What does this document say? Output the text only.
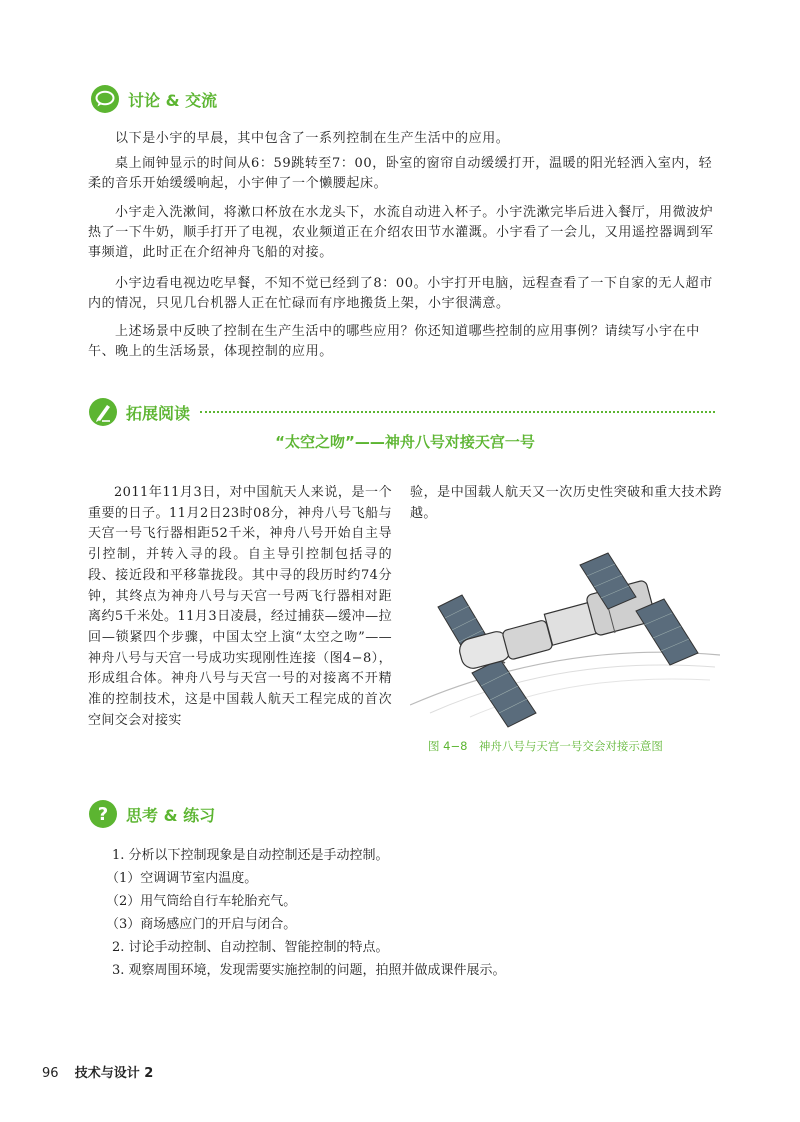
讨论 & 交流

以下是小宇的早晨，其中包含了一系列控制在生产生活中的应用。

桌上闹钟显示的时间从6：59跳转至7：00，卧室的窗帘自动缓缓打开，温暖的阳光轻洒入室内，轻柔的音乐开始缓缓响起，小宇伸了一个懒腰起床。

小宇走入洗漱间，将漱口杯放在水龙头下，水流自动进入杯子。小宇洗漱完毕后进入餐厅，用微波炉热了一下牛奶，顺手打开了电视，农业频道正在介绍农田节水灌溉。小宇看了一会儿，又用遥控器调到军事频道，此时正在介绍神舟飞船的对接。

小宇边看电视边吃早餐，不知不觉已经到了8：00。小宇打开电脑，远程查看了一下自家的无人超市内的情况，只见几台机器人正在忙碌而有序地搬货上架，小宇很满意。

上述场景中反映了控制在生产生活中的哪些应用？你还知道哪些控制的应用事例？请续写小宇在中午、晚上的生活场景，体现控制的应用。

拓展阅读

“太空之吻”——神舟八号对接天宫一号

2011年11月3日，对中国航天人来说，是一个重要的日子。11月2日23时08分，神舟八号飞船与天宫一号飞行器相距52千米，神舟八号开始自主导引控制，并转入寻的段。自主导引控制包括寻的段、接近段和平移靠拢段。其中寻的段历时约74分钟，其终点为神舟八号与天宫一号两飞行器相对距离约5千米处。11月3日凌晨，经过捕获—缓冲—拉回—锁紧四个步骤，中国太空上演“太空之吻”——神舟八号与天宫一号成功实现刚性连接（图4−8），形成组合体。神舟八号与天宫一号的对接离不开精准的控制技术，这是中国载人航天工程完成的首次空间交会对接实

验，是中国载人航天又一次历史性突破和重大技术跨越。

图 4−8　神舟八号与天宫一号交会对接示意图

? 思考 & 练习
1. 分析以下控制现象是自动控制还是手动控制。
（1）空调调节室内温度。
（2）用气筒给自行车轮胎充气。
（3）商场感应门的开启与闭合。
2. 讨论手动控制、自动控制、智能控制的特点。
3. 观察周围环境，发现需要实施控制的问题，拍照并做成课件展示。
96 技术与设计 2
